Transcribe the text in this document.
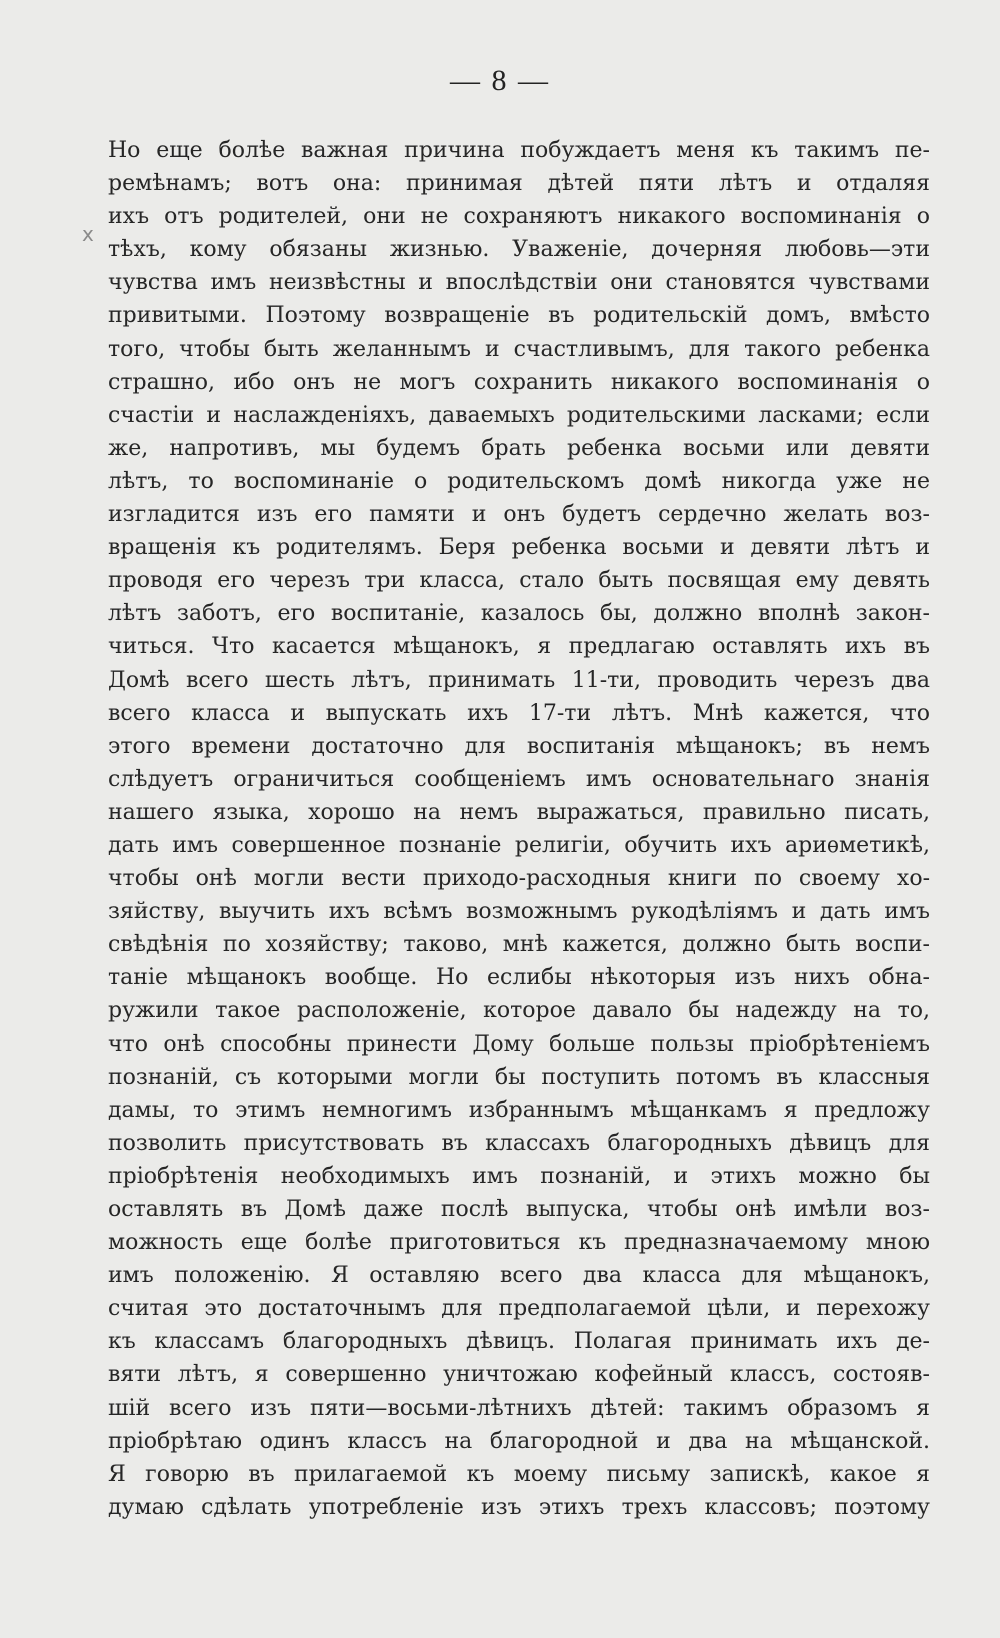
— 8 —
x
Но еще болѣе важная причина побуждаетъ меня къ такимъ пе-
ремѣнамъ; вотъ она: принимая дѣтей пяти лѣтъ и отдаляя
ихъ отъ родителей, они не сохраняютъ никакого воспоминанія о
тѣхъ, кому обязаны жизнью. Уваженіе, дочерняя любовь—эти
чувства имъ неизвѣстны и впослѣдствіи они становятся чувствами
привитыми. Поэтому возвращеніе въ родительскій домъ, вмѣсто
того, чтобы быть желаннымъ и счастливымъ, для такого ребенка
страшно, ибо онъ не могъ сохранить никакого воспоминанія о
счастіи и наслажденіяхъ, даваемыхъ родительскими ласками; если
же, напротивъ, мы будемъ брать ребенка восьми или девяти
лѣтъ, то воспоминаніе о родительскомъ домѣ никогда уже не
изгладится изъ его памяти и онъ будетъ сердечно желать воз-
вращенія къ родителямъ. Беря ребенка восьми и девяти лѣтъ и
проводя его черезъ три класса, стало быть посвящая ему девять
лѣтъ заботъ, его воспитаніе, казалось бы, должно вполнѣ закон-
читься. Что касается мѣщанокъ, я предлагаю оставлять ихъ въ
Домѣ всего шесть лѣтъ, принимать 11-ти, проводить черезъ два
всего класса и выпускать ихъ 17-ти лѣтъ. Мнѣ кажется, что
этого времени достаточно для воспитанія мѣщанокъ; въ немъ
слѣдуетъ ограничиться сообщеніемъ имъ основательнаго знанія
нашего языка, хорошо на немъ выражаться, правильно писать,
дать имъ совершенное познаніе религіи, обучить ихъ ариѳметикѣ,
чтобы онѣ могли вести приходо-расходныя книги по своему хо-
зяйству, выучить ихъ всѣмъ возможнымъ рукодѣліямъ и дать имъ
свѣдѣнія по хозяйству; таково, мнѣ кажется, должно быть воспи-
таніе мѣщанокъ вообще. Но еслибы нѣкоторыя изъ нихъ обна-
ружили такое расположеніе, которое давало бы надежду на то,
что онѣ способны принести Дому больше пользы пріобрѣтеніемъ
познаній, съ которыми могли бы поступить потомъ въ классныя
дамы, то этимъ немногимъ избраннымъ мѣщанкамъ я предложу
позволить присутствовать въ классахъ благородныхъ дѣвицъ для
пріобрѣтенія необходимыхъ имъ познаній, и этихъ можно бы
оставлять въ Домѣ даже послѣ выпуска, чтобы онѣ имѣли воз-
можность еще болѣе приготовиться къ предназначаемому мною
имъ положенію. Я оставляю всего два класса для мѣщанокъ,
считая это достаточнымъ для предполагаемой цѣли, и перехожу
къ классамъ благородныхъ дѣвицъ. Полагая принимать ихъ де-
вяти лѣтъ, я совершенно уничтожаю кофейный классъ, состояв-
шій всего изъ пяти—восьми-лѣтнихъ дѣтей: такимъ образомъ я
пріобрѣтаю одинъ классъ на благородной и два на мѣщанской.
Я говорю въ прилагаемой къ моему письму запискѣ, какое я
думаю сдѣлать употребленіе изъ этихъ трехъ классовъ; поэтому
